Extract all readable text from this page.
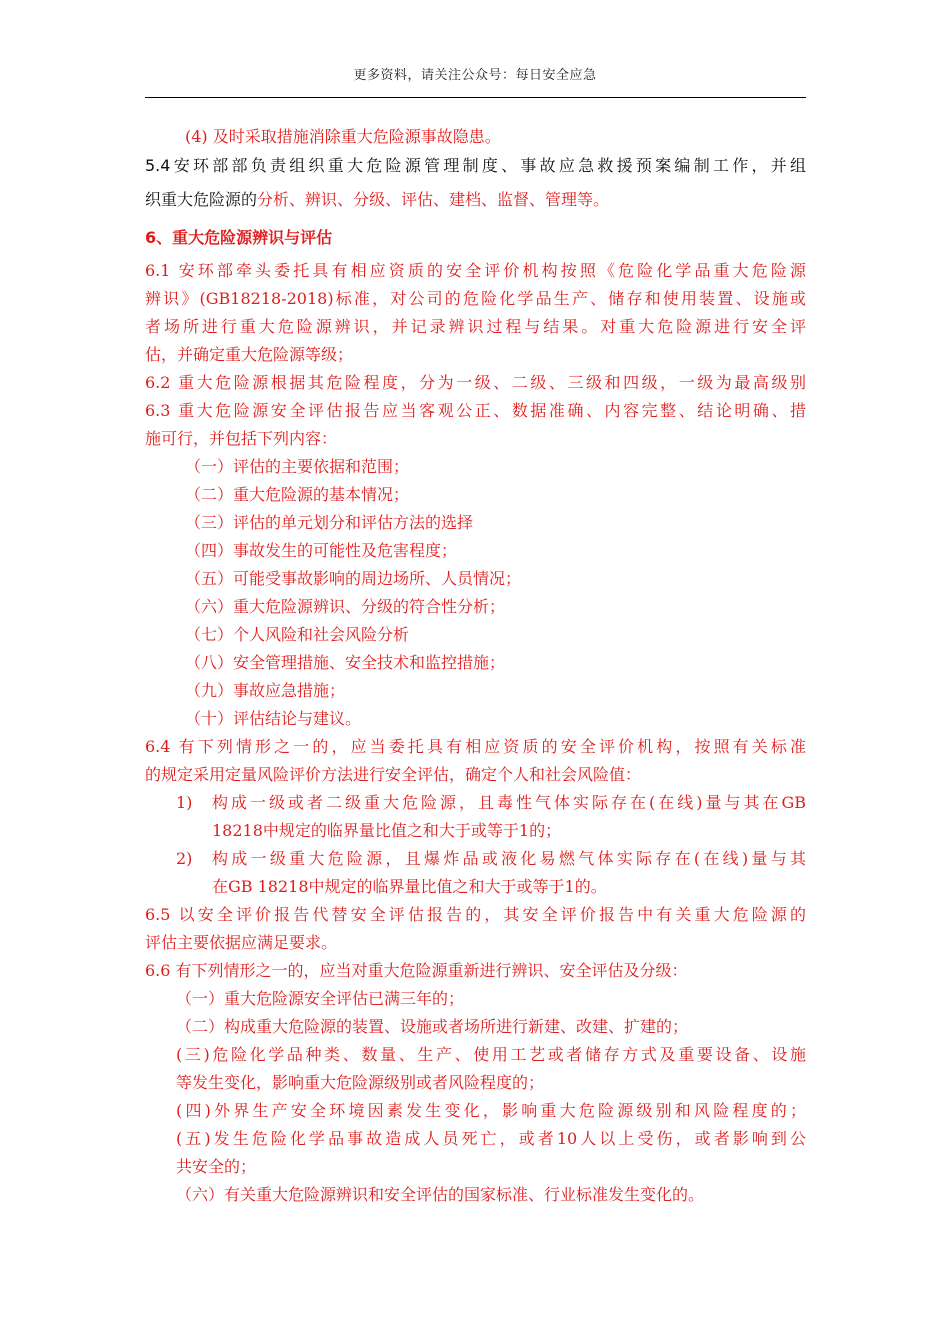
更多资料，请关注公众号：每日安全应急
(4) 及时采取措施消除重大危险源事故隐患。
5.4安环部部负责组织重大危险源管理制度、事故应急救援预案编制工作，并组
织重大危险源的分析、辨识、分级、评估、建档、监督、管理等。
6、重大危险源辨识与评估
6.1 安环部牵头委托具有相应资质的安全评价机构按照《危险化学品重大危险源
辨识》(GB18218-2018)标准，对公司的危险化学品生产、储存和使用装置、设施或
者场所进行重大危险源辨识，并记录辨识过程与结果。对重大危险源进行安全评
估，并确定重大危险源等级；
6.2 重大危险源根据其危险程度，分为一级、二级、三级和四级，一级为最高级别
6.3 重大危险源安全评估报告应当客观公正、数据准确、内容完整、结论明确、措
施可行，并包括下列内容：
（一）评估的主要依据和范围；
（二）重大危险源的基本情况；
（三）评估的单元划分和评估方法的选择
（四）事故发生的可能性及危害程度；
（五）可能受事故影响的周边场所、人员情况；
（六）重大危险源辨识、分级的符合性分析；
（七）个人风险和社会风险分析
（八）安全管理措施、安全技术和监控措施；
（九）事故应急措施；
（十）评估结论与建议。
6.4 有下列情形之一的，应当委托具有相应资质的安全评价机构，按照有关标准
的规定采用定量风险评价方法进行安全评估，确定个人和社会风险值：
1) 构成一级或者二级重大危险源，且毒性气体实际存在(在线)量与其在GB
18218中规定的临界量比值之和大于或等于1的；
2) 构成一级重大危险源，且爆炸品或液化易燃气体实际存在(在线)量与其
在GB 18218中规定的临界量比值之和大于或等于1的。
6.5 以安全评价报告代替安全评估报告的，其安全评价报告中有关重大危险源的
评估主要依据应满足要求。
6.6 有下列情形之一的，应当对重大危险源重新进行辨识、安全评估及分级：
（一）重大危险源安全评估已满三年的；
（二）构成重大危险源的装置、设施或者场所进行新建、改建、扩建的；
(三)危险化学品种类、数量、生产、使用工艺或者储存方式及重要设备、设施
等发生变化，影响重大危险源级别或者风险程度的；
(四)外界生产安全环境因素发生变化，影响重大危险源级别和风险程度的；
(五)发生危险化学品事故造成人员死亡，或者10人以上受伤，或者影响到公
共安全的；
（六）有关重大危险源辨识和安全评估的国家标准、行业标准发生变化的。
